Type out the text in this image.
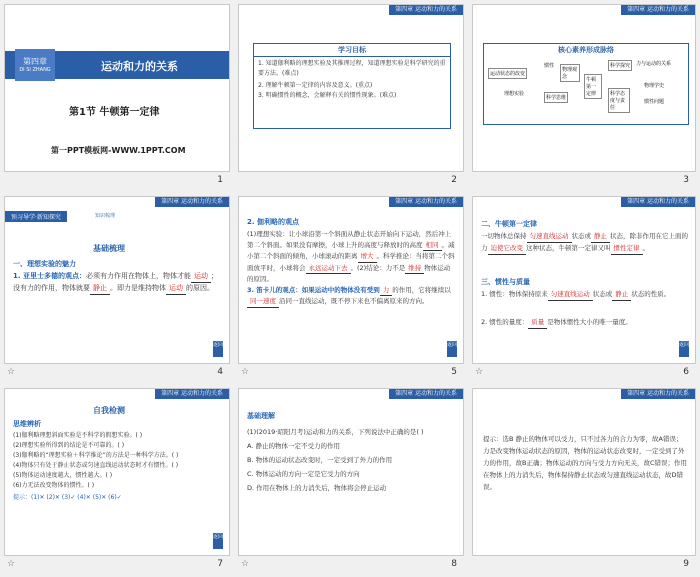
第四章
DI SI ZHANG	运动和力的关系
第1节 牛顿第一定律
第一PPT模板网-WWW.1PPT.COM
1
第四章 运动和力的关系
学习目标
1. 知道伽利略的理想实验及其推理过程，知道理想实验是科学研究的重要方法。(难点)
2. 理解牛顿第一定律的内容及意义。(重点)
3. 明确惯性的概念，会解释有关的惯性现象。(难点)
2
第四章 运动和力的关系
核心素养形成脉络
运动状态的改变
惯性
物理观念	牛顿第一定律
科学探究	力与运动的关系
理想实验
科学思维
科学态度与责任
物理学史
惯性问题
3
第四章 运动和力的关系
预习导学·新知探究	知识梳理
基础梳理
一、理想实验的魅力
1. 亚里士多德的观点：必须有力作用在物体上，物体才能 运动 ；没有力的作用，物体就要 静止 。即力是维持物体 运动 的原因。
返回
☆	4
第四章 运动和力的关系
2. 伽利略的观点
(1)理想实验：让小球沿第一个斜面从静止状态开始向下运动，然后冲上第二个斜面。如果没有摩擦，小球上升的高度与释放时的高度 相同 。减小第二个斜面的倾角，小球滚动的距离 增大 。科学推论：当将第二个斜面放平时，小球将会 永远运动下去 。(2)结论：力不是 维持 物体运动的原因。
3. 笛卡儿的观点：如果运动中的物体没有受到 力 的作用，它将继续以同一速度 沿同一直线运动，既不停下来也不偏离原来的方向。
返回
☆	5
第四章 运动和力的关系
二、牛顿第一定律
一切物体总保持 匀速直线运动 状态或 静止 状态，除非作用在它上面的力 迫使它改变 这种状态，牛顿第一定律又叫 惯性定律 。
三、惯性与质量
1. 惯性：物体保持原来 匀速直线运动 状态或 静止 状态的性质。
2. 惯性的量度： 质量 是物体惯性大小的唯一量度。
返回
☆	6
第四章 运动和力的关系
自我检测
思维辨析
(1)伽利略理想斜面实验是不科学的假想实验。( )
(2)理想实验所得到的结论是不可靠的。( )
(3)伽利略的“理想实验＋科学推论”的方法是一种科学方法。( )
(4)物体只有处于静止状态或匀速直线运动状态时才有惯性。( )
(5)物体运动速度越大，惯性越大。( )
(6)力无法改变物体的惯性。( )
提示：(1)✕ (2)✕ (3)✓ (4)✕ (5)✕ (6)✓
返回
☆	7
第四章 运动和力的关系
基础理解
(1)(2019·昭阳月考)运动和力的关系，下列说法中正确的是( )
A. 静止的物体一定不受力的作用
B. 物体的运动状态改变时，一定受到了外力的作用
C. 物体运动的方向一定是它受力的方向
D. 作用在物体上的力消失后，物体将会停止运动
☆	8
第四章 运动和力的关系
提示：选B 静止的物体可以受力，只不过各力的合力为零，故A错误；力是改变物体运动状态的原因，物体的运动状态改变时，一定受到了外力的作用，故B正确；物体运动的方向与受力方向无关，故C错误；作用在物体上的力消失后，物体保持静止状态或匀速直线运动状态，故D错误。
9
